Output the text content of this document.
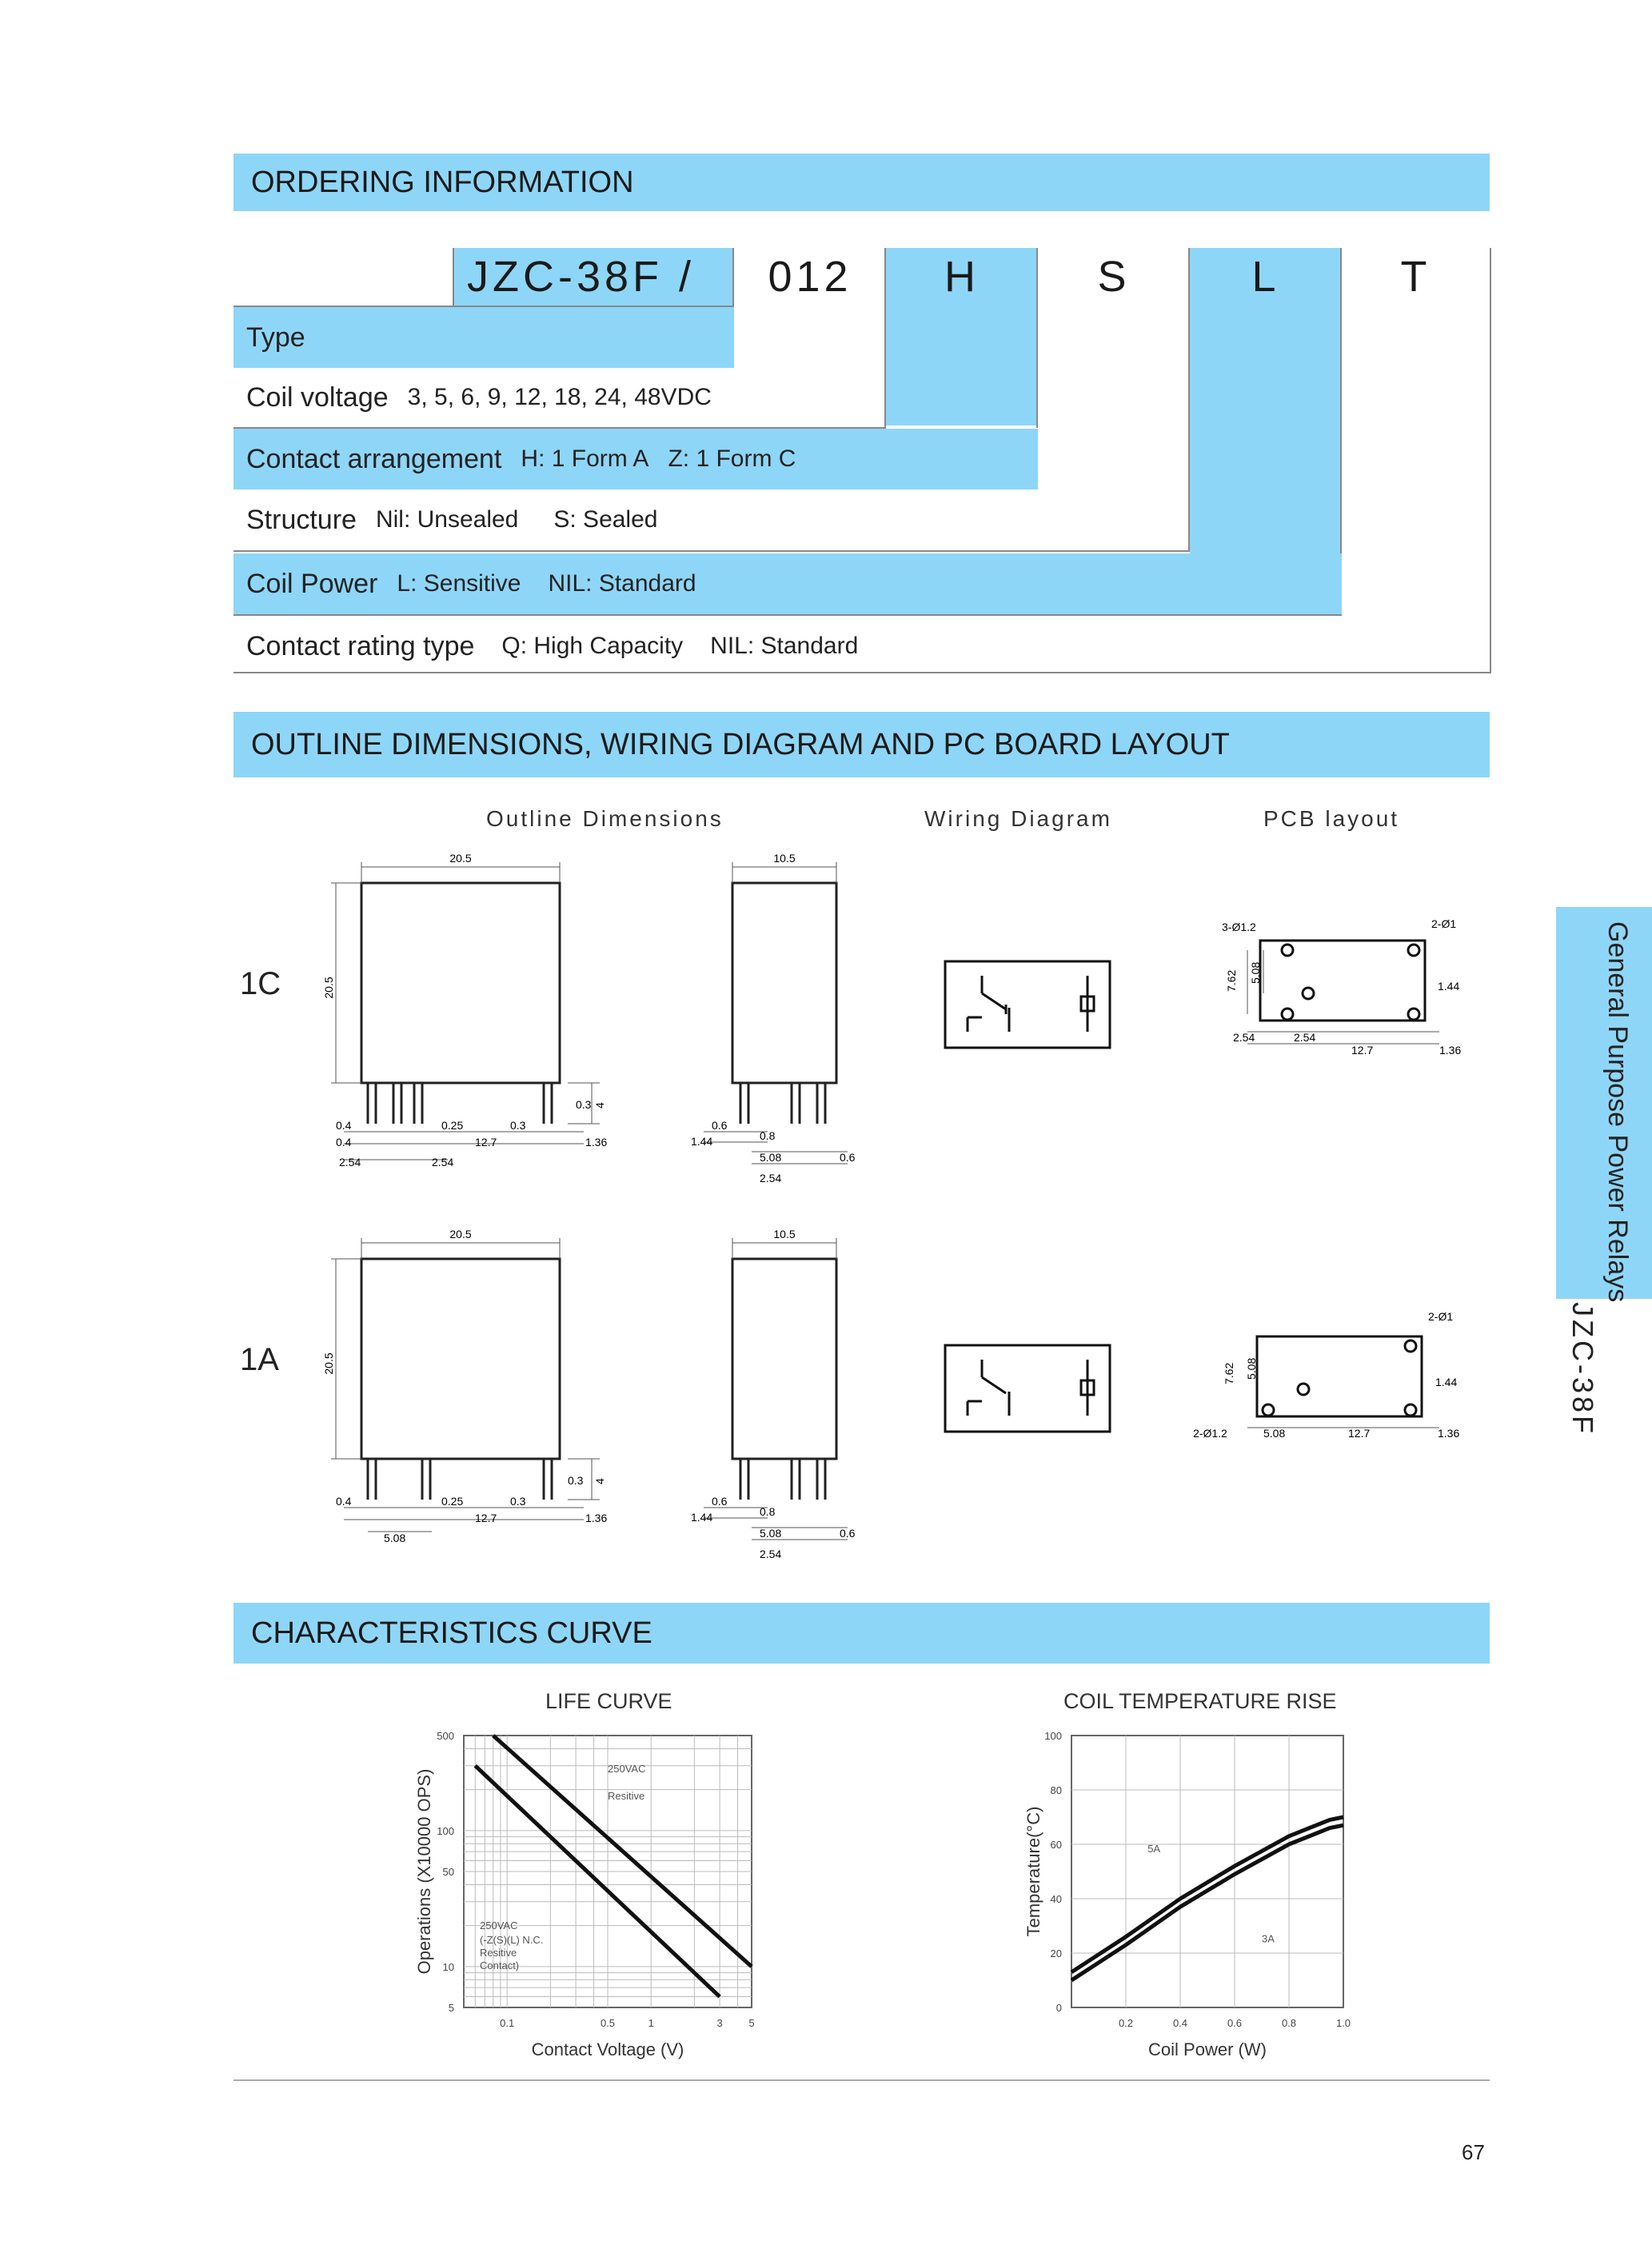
ORDERING INFORMATION
JZC-38F /	012	H	S	L	T
Type
Coil voltage 3, 5, 6, 9, 12, 18, 24, 48VDC
Contact arrangement H: 1 Form A Z: 1 Form C
Structure Nil: Unsealed S: Sealed
Coil Power L: Sensitive NIL: Standard
Contact rating type Q: High Capacity NIL: Standard
OUTLINE DIMENSIONS, WIRING DIAGRAM AND PC BOARD LAYOUT
Outline Dimensions	Wiring Diagram	PCB layout
1C
1A
20.5
20.5
0.3 4
0.4
0.4
0.25	0.3
12.7	1.36
2.54	2.54
10.5
0.6
1.44	0.8
5.08	0.6
2.54
20.5
20.5
0.3 4
0.4	0.25	0.3
12.7	1.36
5.08
10.5
0.6
1.44	0.8
5.08	0.6
2.54
3-Ø1.2	2-Ø1
7.62 5.08
1.44
2.54	2.54
12.7	1.36
2-Ø1
7.62 5.08
1.44
2-Ø1.2	5.08	12.7	1.36
General Purpose Power Relays
JZC-38F
CHARACTERISTICS CURVE
LIFE CURVE	COIL TEMPERATURE RISE
0.1	0.5	1	3	5
500
100
50
10
5
250VAC
Resitive
250VAC
(-Z(S)(L) N.C.
Resitive
Contact)
Contact Voltage (V)
Operations (X10000 OPS)
0.2	0.4	0.6	0.8	1.0
100
80
60
40
20
0
5A
3A
Coil Power (W)
Temperature(°C)
67
